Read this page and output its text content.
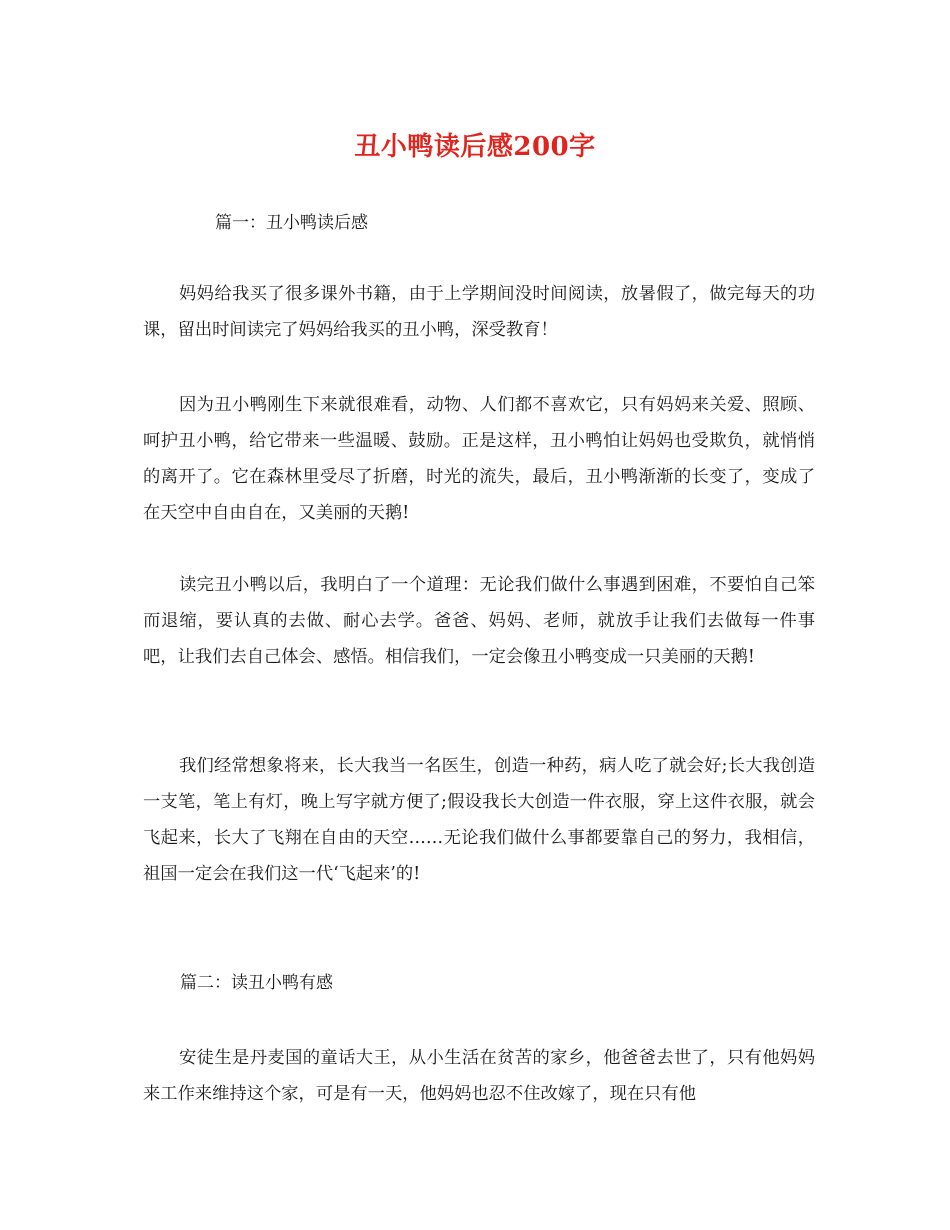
丑小鸭读后感200字

篇一：丑小鸭读后感

妈妈给我买了很多课外书籍，由于上学期间没时间阅读，放暑假了，做完每天的功课，留出时间读完了妈妈给我买的丑小鸭，深受教育！

因为丑小鸭刚生下来就很难看，动物、人们都不喜欢它，只有妈妈来关爱、照顾、呵护丑小鸭，给它带来一些温暖、鼓励。正是这样，丑小鸭怕让妈妈也受欺负，就悄悄的离开了。它在森林里受尽了折磨，时光的流失，最后，丑小鸭渐渐的长变了，变成了在天空中自由自在，又美丽的天鹅!

读完丑小鸭以后，我明白了一个道理：无论我们做什么事遇到困难，不要怕自己笨而退缩，要认真的去做、耐心去学。爸爸、妈妈、老师，就放手让我们去做每一件事吧，让我们去自己体会、感悟。相信我们，一定会像丑小鸭变成一只美丽的天鹅!

我们经常想象将来，长大我当一名医生，创造一种药，病人吃了就会好;长大我创造一支笔，笔上有灯，晚上写字就方便了;假设我长大创造一件衣服，穿上这件衣服，就会飞起来，长大了飞翔在自由的天空……无论我们做什么事都要靠自己的努力，我相信，祖国一定会在我们这一代‘飞起来’的!

篇二：读丑小鸭有感

安徒生是丹麦国的童话大王，从小生活在贫苦的家乡，他爸爸去世了，只有他妈妈来工作来维持这个家，可是有一天，他妈妈也忍不住改嫁了，现在只有他
